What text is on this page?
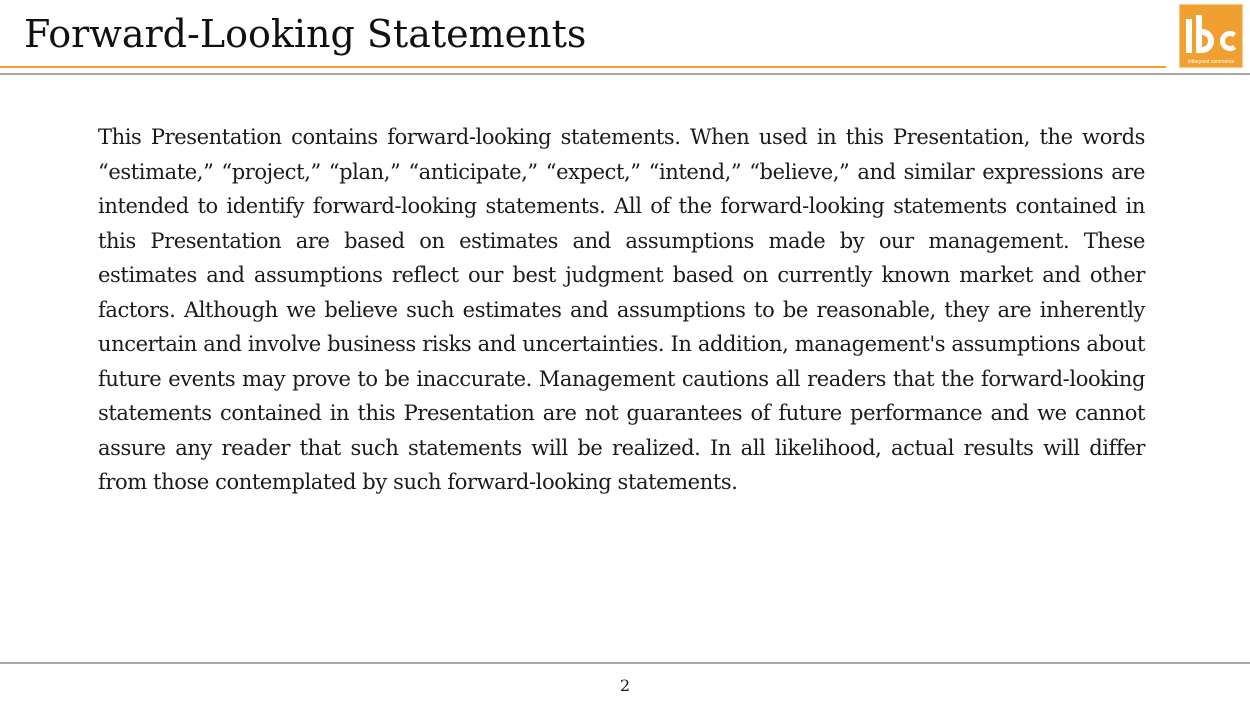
Forward-Looking Statements
bitbeyond commerce

This Presentation contains forward-looking statements. When used in this Presentation, the words “estimate,” “project,” “plan,” “anticipate,” “expect,” “intend,” “believe,” and similar expressions are intended to identify forward-looking statements. All of the forward-looking statements contained in this Presentation are based on estimates and assumptions made by our management. These estimates and assumptions reflect our best judgment based on currently known market and other factors. Although we believe such estimates and assumptions to be reasonable, they are inherently uncertain and involve business risks and uncertainties. In addition, management's assumptions about future events may prove to be inaccurate. Management cautions all readers that the forward-looking statements contained in this Presentation are not guarantees of future performance and we cannot assure any reader that such statements will be realized. In all likelihood, actual results will differ from those contemplated by such forward-looking statements.

2
